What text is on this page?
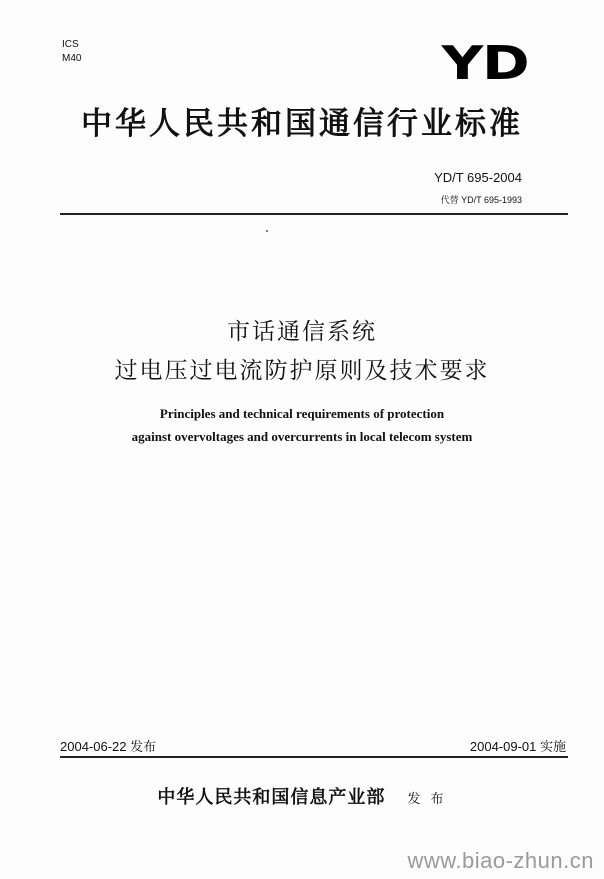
ICS
M40	YD
中华人民共和国通信行业标准
YD/T 695-2004
代替 YD/T 695-1993
市话通信系统
过电压过电流防护原则及技术要求
Principles and technical requirements of protection
against overvoltages and overcurrents in local telecom system
2004-06-22 发布	2004-09-01 实施
中华人民共和国信息产业部 发 布
www.biao-zhun.cn
